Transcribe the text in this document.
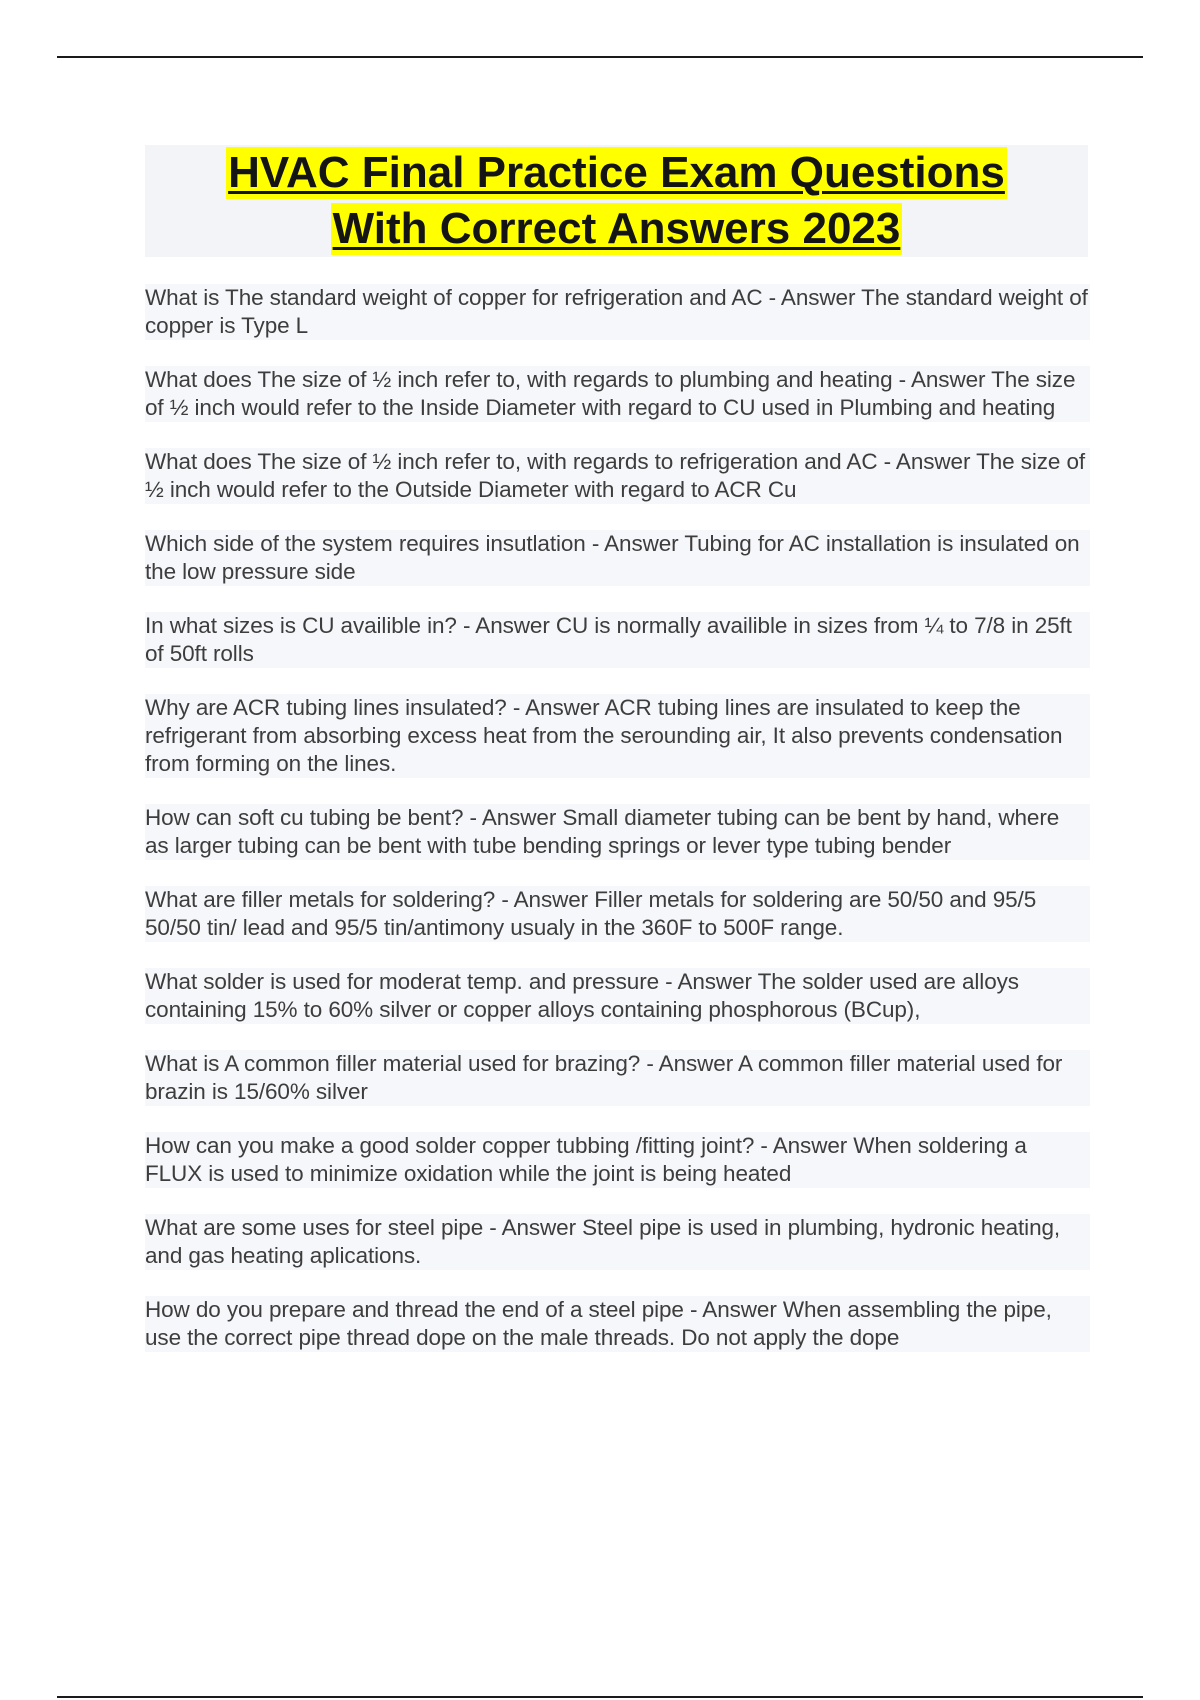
HVAC Final Practice Exam Questions
With Correct Answers 2023

What is The standard weight of copper for refrigeration and AC - Answer The standard weight of copper is Type L

What does The size of ½ inch refer to, with regards to plumbing and heating - Answer The size of ½ inch would refer to the Inside Diameter with regard to CU used in Plumbing and heating

What does The size of ½ inch refer to, with regards to refrigeration and AC - Answer The size of ½ inch would refer to the Outside Diameter with regard to ACR Cu

Which side of the system requires insutlation - Answer Tubing for AC installation is insulated on the low pressure side

In what sizes is CU availible in? - Answer CU is normally availible in sizes from ¼ to 7/8 in 25ft of 50ft rolls

Why are ACR tubing lines insulated? - Answer ACR tubing lines are insulated to keep the refrigerant from absorbing excess heat from the serounding air, It also prevents condensation from forming on the lines.

How can soft cu tubing be bent? - Answer Small diameter tubing can be bent by hand, where as larger tubing can be bent with tube bending springs or lever type tubing bender

What are filler metals for soldering? - Answer Filler metals for soldering are 50/50 and 95/5 50/50 tin/ lead and 95/5 tin/antimony usualy in the 360F to 500F range.

What solder is used for moderat temp. and pressure - Answer The solder used are alloys containing 15% to 60% silver or copper alloys containing phosphorous (BCup),

What is A common filler material used for brazing? - Answer A common filler material used for brazin is 15/60% silver

How can you make a good solder copper tubbing /fitting joint? - Answer When soldering a FLUX is used to minimize oxidation while the joint is being heated

What are some uses for steel pipe - Answer Steel pipe is used in plumbing, hydronic heating, and gas heating aplications.

How do you prepare and thread the end of a steel pipe - Answer When assembling the pipe, use the correct pipe thread dope on the male threads. Do not apply the dope
